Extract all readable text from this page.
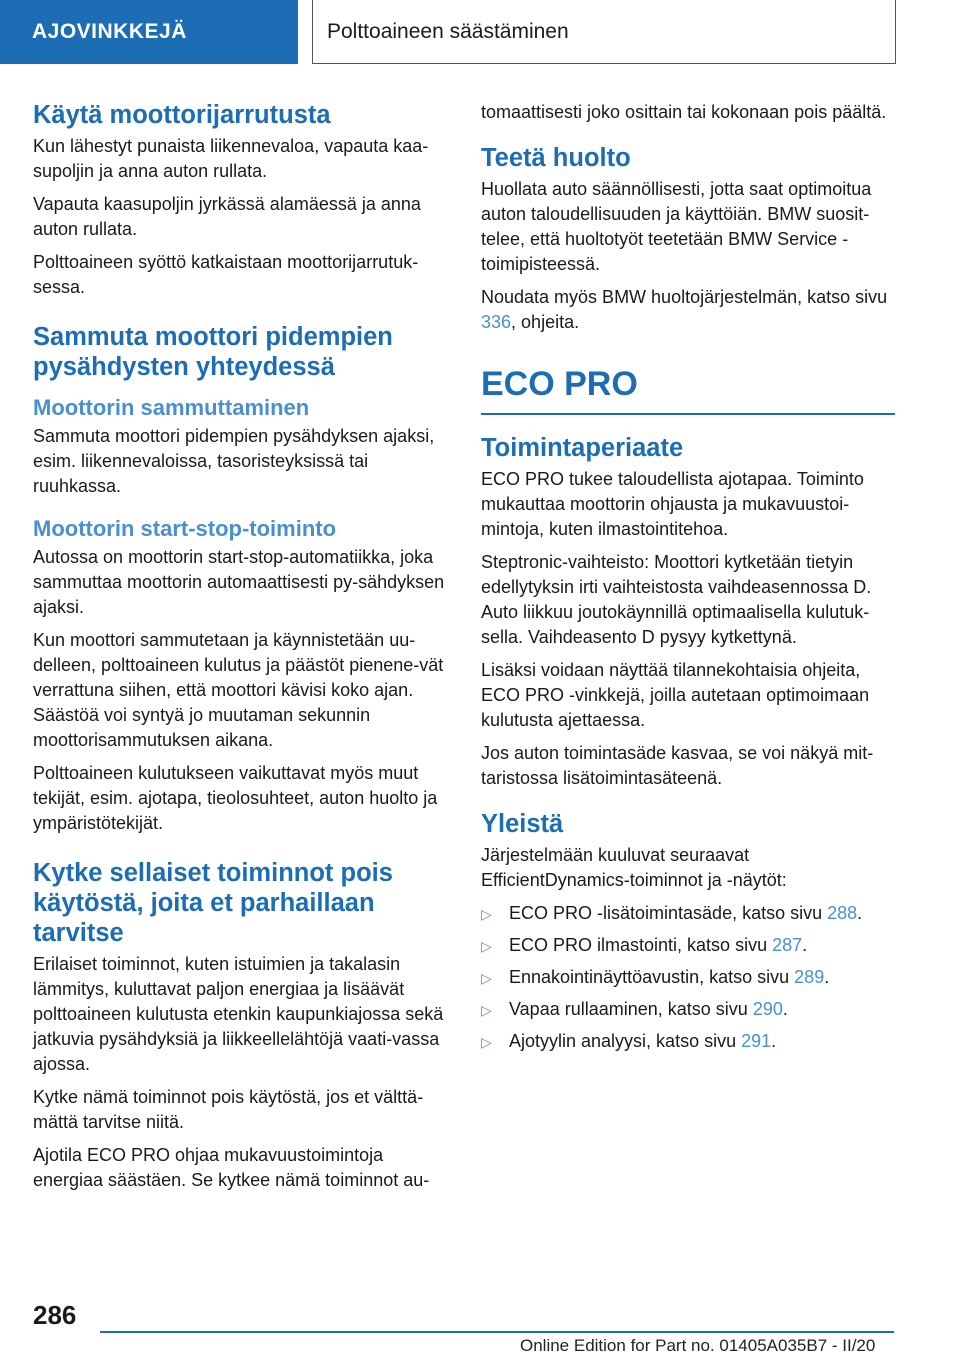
AJOVINKKEJÄ	Polttoaineen säästäminen
Käytä moottorijarrutusta

Kun lähestyt punaista liikennevaloa, vapauta kaa-supoljin ja anna auton rullata.

Vapauta kaasupoljin jyrkässä alamäessä ja anna auton rullata.

Polttoaineen syöttö katkaistaan moottorijarrutuk-sessa.

Sammuta moottori pidempien pysähdysten yhteydessä
Moottorin sammuttaminen

Sammuta moottori pidempien pysähdyksen ajaksi, esim. liikennevaloissa, tasoristeyksissä tai ruuhkassa.

Moottorin start-stop-toiminto

Autossa on moottorin start-stop-automatiikka, joka sammuttaa moottorin automaattisesti py-sähdyksen ajaksi.

Kun moottori sammutetaan ja käynnistetään uu-delleen, polttoaineen kulutus ja päästöt pienene-vät verrattuna siihen, että moottori kävisi koko ajan. Säästöä voi syntyä jo muutaman sekunnin moottorisammutuksen aikana.

Polttoaineen kulutukseen vaikuttavat myös muut tekijät, esim. ajotapa, tieolosuhteet, auton huolto ja ympäristötekijät.

Kytke sellaiset toiminnot pois käytöstä, joita et parhaillaan tarvitse

Erilaiset toiminnot, kuten istuimien ja takalasin lämmitys, kuluttavat paljon energiaa ja lisäävät polttoaineen kulutusta etenkin kaupunkiajossa sekä jatkuvia pysähdyksiä ja liikkeellelähtöjä vaati-vassa ajossa.

Kytke nämä toiminnot pois käytöstä, jos et välttä-mättä tarvitse niitä.

Ajotila ECO PRO ohjaa mukavuustoimintoja energiaa säästäen. Se kytkee nämä toiminnot au-

tomaattisesti joko osittain tai kokonaan pois päältä.

Teetä huolto

Huollata auto säännöllisesti, jotta saat optimoitua auton taloudellisuuden ja käyttöiän. BMW suosit-telee, että huoltotyöt teetetään BMW Service -toimipisteessä.

Noudata myös BMW huoltojärjestelmän, katso sivu 336, ohjeita.

ECO PRO
Toimintaperiaate

ECO PRO tukee taloudellista ajotapaa. Toiminto mukauttaa moottorin ohjausta ja mukavuustoi-mintoja, kuten ilmastointitehoa.

Steptronic-vaihteisto: Moottori kytketään tietyin edellytyksin irti vaihteistosta vaihdeasennossa D. Auto liikkuu joutokäynnillä optimaalisella kulutuk-sella. Vaihdeasento D pysyy kytkettynä.

Lisäksi voidaan näyttää tilannekohtaisia ohjeita, ECO PRO -vinkkejä, joilla autetaan optimoimaan kulutusta ajettaessa.

Jos auton toimintasäde kasvaa, se voi näkyä mit-taristossa lisätoimintasäteenä.

Yleistä

Järjestelmään kuuluvat seuraavat EfficientDynamics-toiminnot ja -näytöt:

▷ ECO PRO -lisätoimintasäde, katso sivu 288.
▷ ECO PRO ilmastointi, katso sivu 287.
▷ Ennakointinäyttöavustin, katso sivu 289.
▷ Vapaa rullaaminen, katso sivu 290.
▷ Ajotyylin analyysi, katso sivu 291.
286
Online Edition for Part no. 01405A035B7 - II/20
